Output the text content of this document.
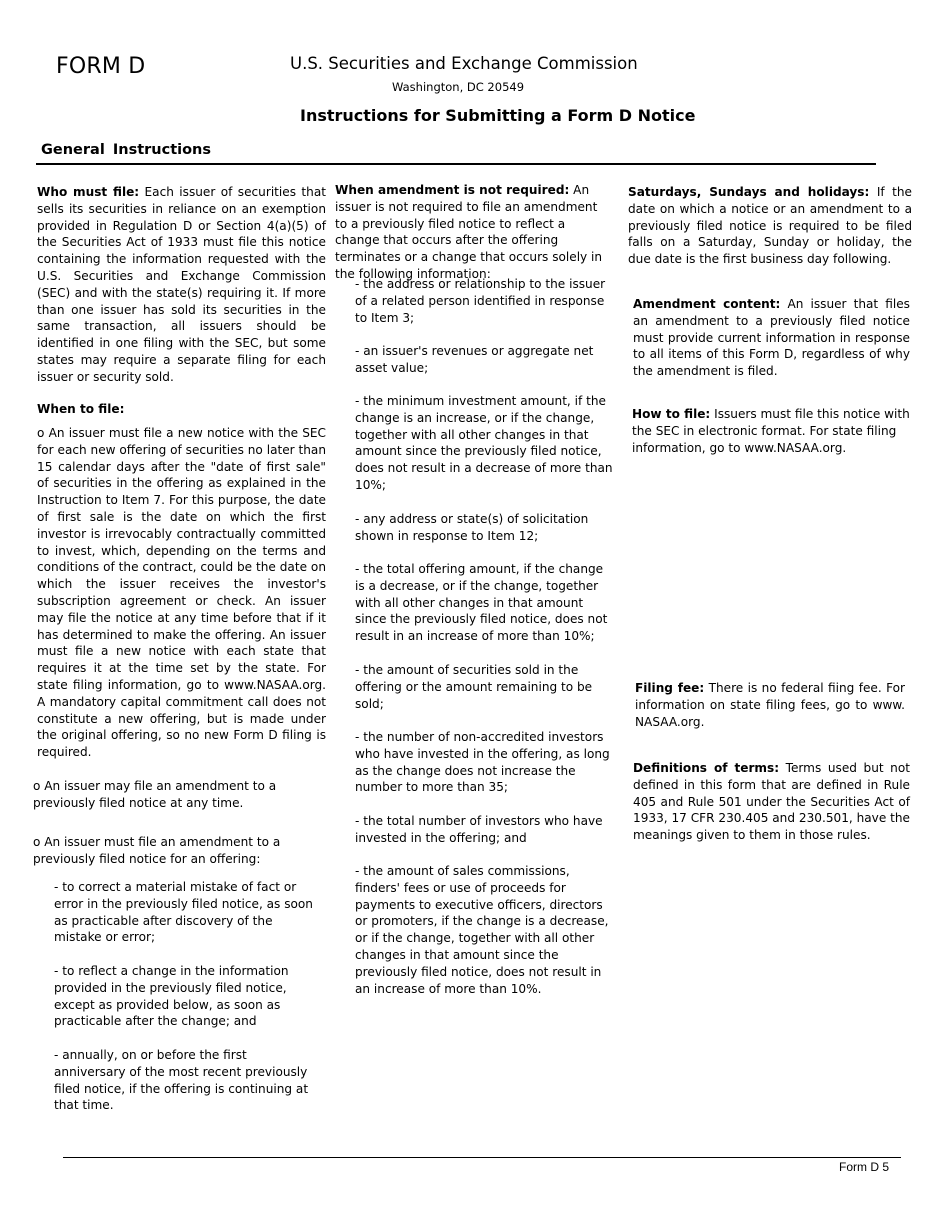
FORM D	U.S. Securities and Exchange Commission
Washington, DC 20549
Instructions for Submitting a Form D Notice
General Instructions
Who must file: Each issuer of securities that sells its securities in reliance on an exemption provided in Regulation D or Section 4(a)(5) of the Securities Act of 1933 must file this notice containing the information requested with the U.S. Securities and Exchange Commission (SEC) and with the state(s) requiring it. If more than one issuer has sold its securities in the same transaction, all issuers should be identified in one filing with the SEC, but some states may require a separate filing for each issuer or security sold.
When to file:
o An issuer must file a new notice with the SEC for each new offering of securities no later than 15 calendar days after the "date of first sale" of securities in the offering as explained in the Instruction to Item 7. For this purpose, the date of first sale is the date on which the first investor is irrevocably contractually committed to invest, which, depending on the terms and conditions of the contract, could be the date on which the issuer receives the investor's subscription agreement or check. An issuer may file the notice at any time before that if it has determined to make the offering. An issuer must file a new notice with each state that requires it at the time set by the state. For state filing information, go to www.NASAA.org. A mandatory capital commitment call does not constitute a new offering, but is made under the original offering, so no new Form D filing is required.
o An issuer may file an amendment to a previously filed notice at any time.
o An issuer must file an amendment to a previously filed notice for an offering:
- to correct a material mistake of fact or error in the previously filed notice, as soon as practicable after discovery of the mistake or error;
- to reflect a change in the information provided in the previously filed notice, except as provided below, as soon as practicable after the change; and
- annually, on or before the first anniversary of the most recent previously filed notice, if the offering is continuing at that time.
When amendment is not required: An issuer is not required to file an amendment to a previously filed notice to reflect a change that occurs after the offering terminates or a change that occurs solely in the following information:
- the address or relationship to the issuer of a related person identified in response to Item 3;
- an issuer's revenues or aggregate net asset value;
- the minimum investment amount, if the change is an increase, or if the change, together with all other changes in that amount since the previously filed notice, does not result in a decrease of more than 10%;
- any address or state(s) of solicitation shown in response to Item 12;
- the total offering amount, if the change is a decrease, or if the change, together with all other changes in that amount since the previously filed notice, does not result in an increase of more than 10%;
- the amount of securities sold in the offering or the amount remaining to be sold;
- the number of non-accredited investors who have invested in the offering, as long as the change does not increase the number to more than 35;
- the total number of investors who have invested in the offering; and
- the amount of sales commissions, finders' fees or use of proceeds for payments to executive officers, directors or promoters, if the change is a decrease, or if the change, together with all other changes in that amount since the previously filed notice, does not result in an increase of more than 10%.
Saturdays, Sundays and holidays: If the date on which a notice or an amendment to a previously filed notice is required to be filed falls on a Saturday, Sunday or holiday, the due date is the first business day following.
Amendment content: An issuer that files an amendment to a previously filed notice must provide current information in response to all items of this Form D, regardless of why the amendment is filed.
How to file: Issuers must file this notice with the SEC in electronic format. For state filing information, go to www.NASAA.org.
Filing fee: There is no federal fiing fee. For information on state filing fees, go to www. NASAA.org.
Definitions of terms: Terms used but not defined in this form that are defined in Rule 405 and Rule 501 under the Securities Act of 1933, 17 CFR 230.405 and 230.501, have the meanings given to them in those rules.
Form D 5
